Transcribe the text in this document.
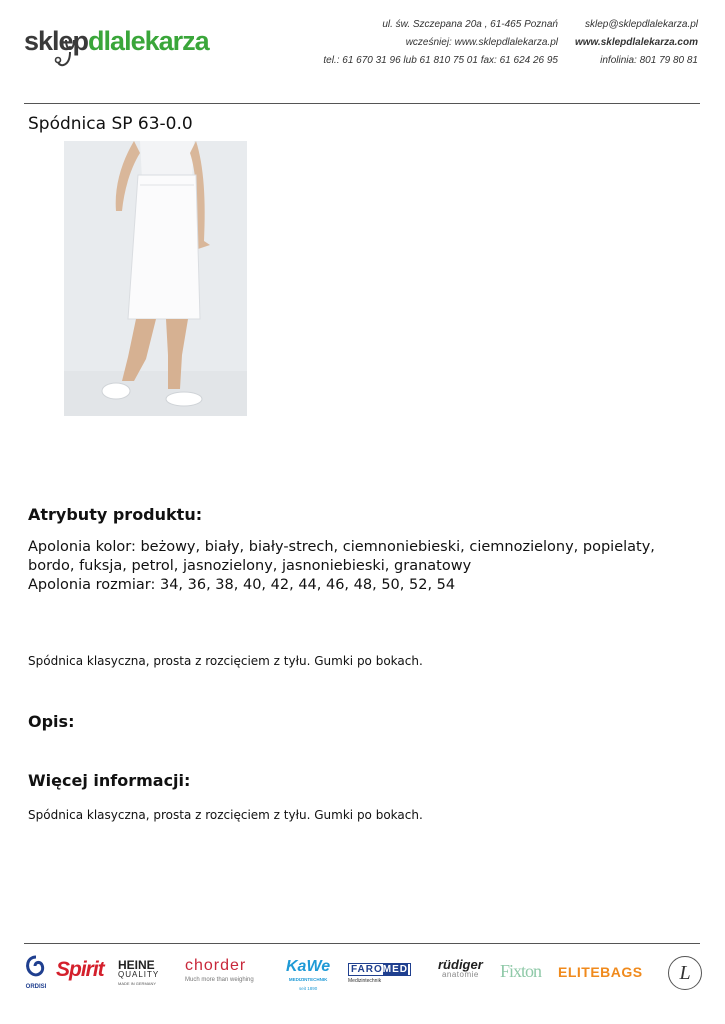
sklepdlalekarza
ul. św. Szczepana 20a , 61-465 Poznań
wcześniej: www.sklepdlalekarza.pl
tel.: 61 670 31 96 lub 61 810 75 01 fax: 61 624 26 95
sklep@sklepdlalekarza.pl
www.sklepdlalekarza.com
infolinia: 801 79 80 81
Spódnica SP 63-0.0
Atrybuty produktu:
Apolonia kolor: beżowy, biały, biały-strech, ciemnoniebieski, ciemnozielony, popielaty, bordo, fuksja, petrol, jasnozielony, jasnoniebieski, granatowy
Apolonia rozmiar: 34, 36, 38, 40, 42, 44, 46, 48, 50, 52, 54
Spódnica klasyczna, prosta z rozcięciem z tyłu. Gumki po bokach.
Opis:
Więcej informacji:
Spódnica klasyczna, prosta z rozcięciem z tyłu. Gumki po bokach.
ORDISI
Spirit HEINE
QUALITY
MADE IN GERMANY
chorder
Much more than weighing
KaWe
MEDIZINTECHNIK
seit 1890
FAROMED
Medizintechnik
rüdiger
anatomie Fixton ELITEBAGS	L
